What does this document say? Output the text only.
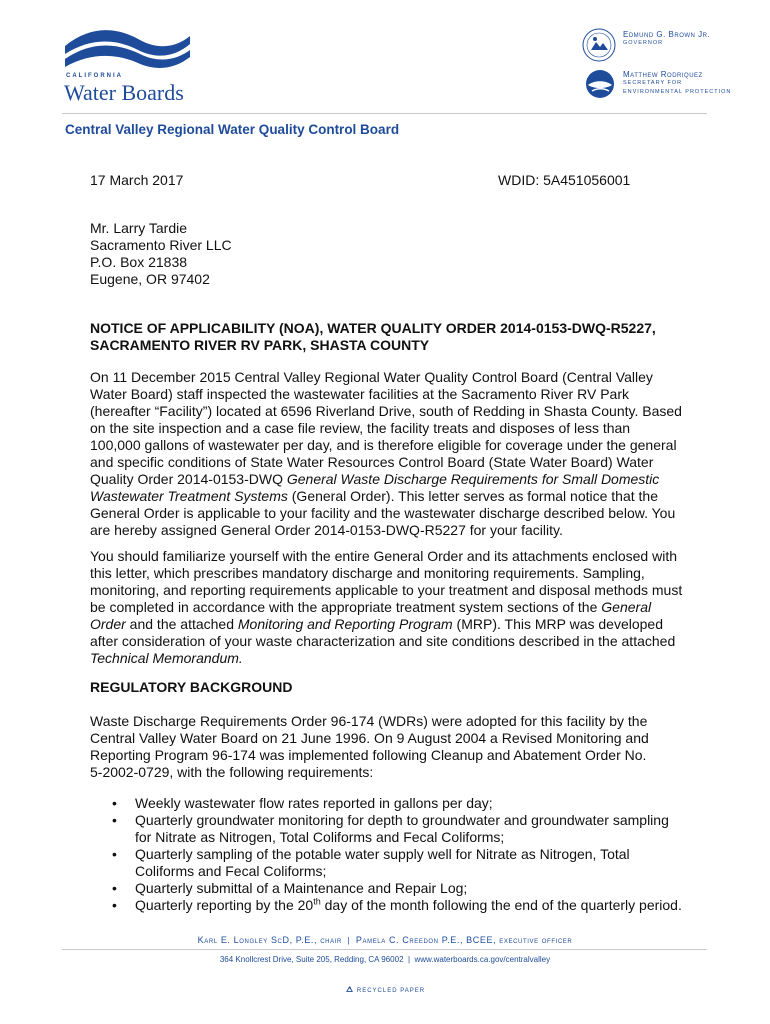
CALIFORNIA
Water Boards
Edmund G. Brown Jr.
GOVERNOR
Matthew Rodriquez
SECRETARY FOR
ENVIRONMENTAL PROTECTION
Central Valley Regional Water Quality Control Board
17 March 2017	WDID: 5A451056001
Mr. Larry Tardie
Sacramento River LLC
P.O. Box 21838
Eugene, OR 97402
NOTICE OF APPLICABILITY (NOA), WATER QUALITY ORDER 2014-0153-DWQ-R5227,
SACRAMENTO RIVER RV PARK, SHASTA COUNTY
On 11 December 2015 Central Valley Regional Water Quality Control Board (Central Valley
Water Board) staff inspected the wastewater facilities at the Sacramento River RV Park
(hereafter “Facility”) located at 6596 Riverland Drive, south of Redding in Shasta County. Based
on the site inspection and a case file review, the facility treats and disposes of less than
100,000 gallons of wastewater per day, and is therefore eligible for coverage under the general
and specific conditions of State Water Resources Control Board (State Water Board) Water
Quality Order 2014-0153-DWQ General Waste Discharge Requirements for Small Domestic
Wastewater Treatment Systems (General Order). This letter serves as formal notice that the
General Order is applicable to your facility and the wastewater discharge described below. You
are hereby assigned General Order 2014-0153-DWQ-R5227 for your facility.
You should familiarize yourself with the entire General Order and its attachments enclosed with
this letter, which prescribes mandatory discharge and monitoring requirements. Sampling,
monitoring, and reporting requirements applicable to your treatment and disposal methods must
be completed in accordance with the appropriate treatment system sections of the General
Order and the attached Monitoring and Reporting Program (MRP). This MRP was developed
after consideration of your waste characterization and site conditions described in the attached
Technical Memorandum.
REGULATORY BACKGROUND
Waste Discharge Requirements Order 96-174 (WDRs) were adopted for this facility by the
Central Valley Water Board on 21 June 1996. On 9 August 2004 a Revised Monitoring and
Reporting Program 96-174 was implemented following Cleanup and Abatement Order No.
5-2002-0729, with the following requirements:
• Weekly wastewater flow rates reported in gallons per day;
• Quarterly groundwater monitoring for depth to groundwater and groundwater sampling
for Nitrate as Nitrogen, Total Coliforms and Fecal Coliforms;
• Quarterly sampling of the potable water supply well for Nitrate as Nitrogen, Total
Coliforms and Fecal Coliforms;
• Quarterly submittal of a Maintenance and Repair Log;
• Quarterly reporting by the 20th day of the month following the end of the quarterly period.
Karl E. Longley ScD, P.E., chair | Pamela C. Creedon P.E., BCEE, executive officer
364 Knollcrest Drive, Suite 205, Redding, CA 96002  |  www.waterboards.ca.gov/centralvalley
RECYCLED PAPER
